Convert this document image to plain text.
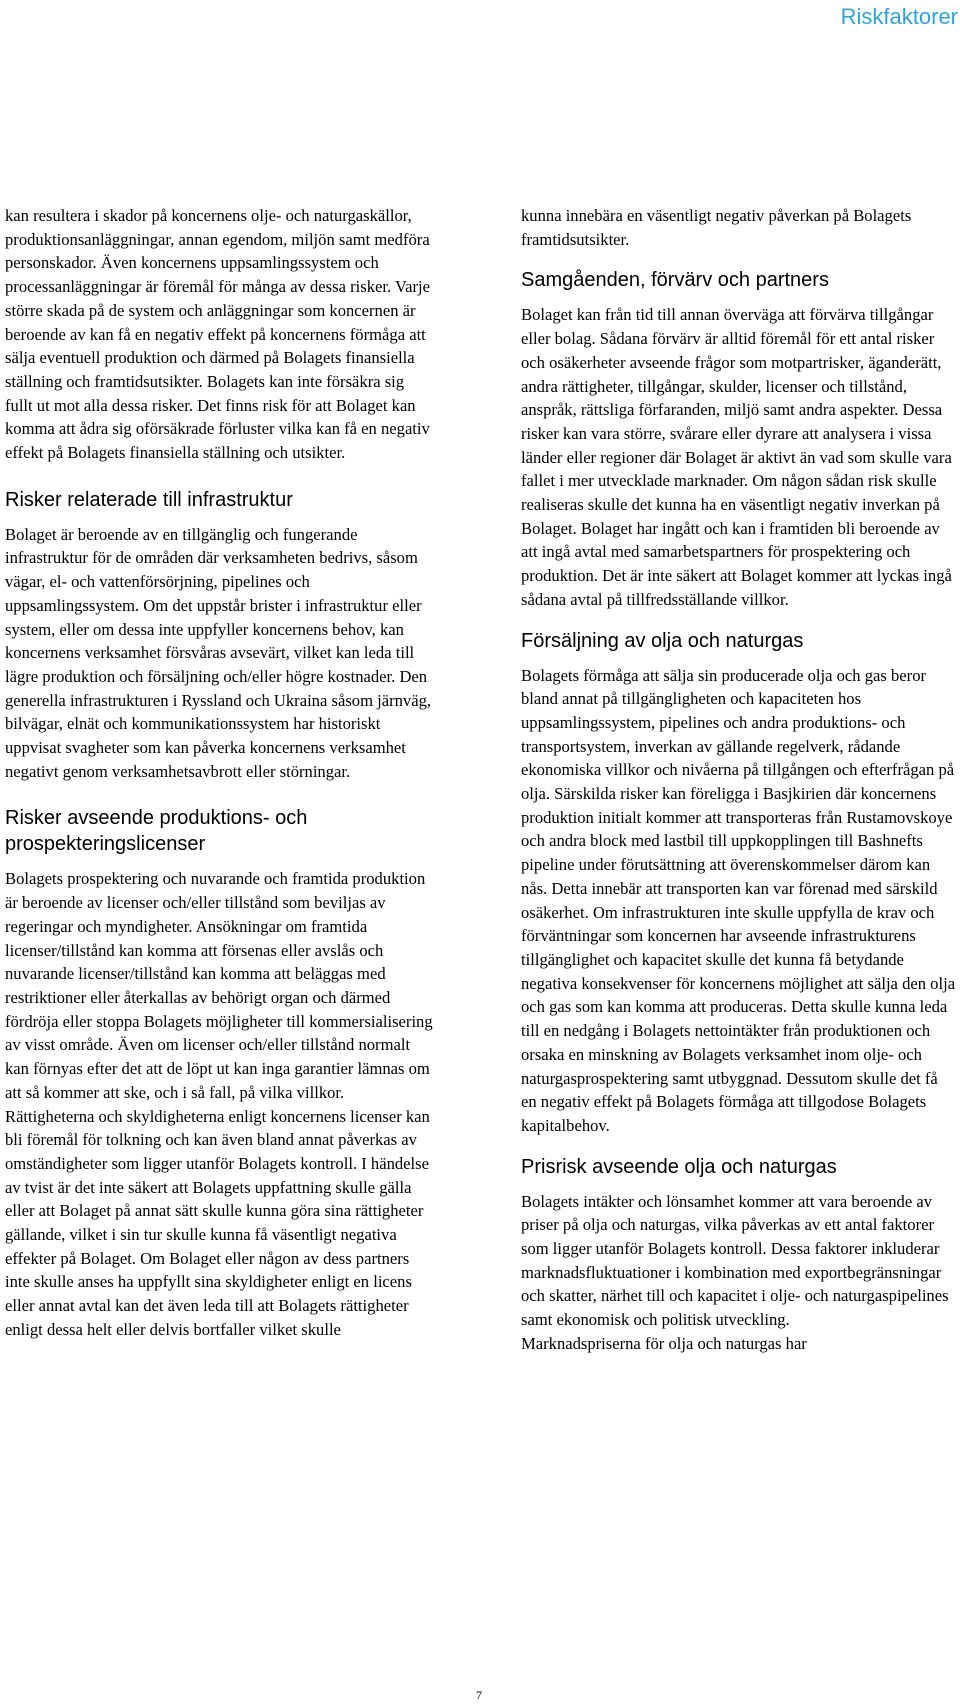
Riskfaktorer

kan resultera i skador på koncernens olje- och naturgaskällor, produktionsanläggningar, annan egendom, miljön samt medföra personskador. Även koncernens uppsamlingssystem och processanläggningar är föremål för många av dessa risker. Varje större skada på de system och anläggningar som koncernen är beroende av kan få en negativ effekt på koncernens förmåga att sälja eventuell produktion och därmed på Bolagets finansiella ställning och framtidsutsikter. Bolagets kan inte försäkra sig fullt ut mot alla dessa risker. Det finns risk för att Bolaget kan komma att ådra sig oförsäkrade förluster vilka kan få en negativ effekt på Bolagets finansiella ställning och utsikter.

Risker relaterade till infrastruktur

Bolaget är beroende av en tillgänglig och fungerande infrastruktur för de områden där verksamheten bedrivs, såsom vägar, el- och vattenförsörjning, pipelines och uppsamlingssystem. Om det uppstår brister i infrastruktur eller system, eller om dessa inte uppfyller koncernens behov, kan koncernens verksamhet försvåras avsevärt, vilket kan leda till lägre produktion och försäljning och/eller högre kostnader. Den generella infrastrukturen i Ryssland och Ukraina såsom järnväg, bilvägar, elnät och kommunikationssystem har historiskt uppvisat svagheter som kan påverka koncernens verksamhet negativt genom verksamhetsavbrott eller störningar.

Risker avseende produktions- och prospekteringslicenser

Bolagets prospektering och nuvarande och framtida produktion är beroende av licenser och/eller tillstånd som beviljas av regeringar och myndigheter. Ansökningar om framtida licenser/tillstånd kan komma att försenas eller avslås och nuvarande licenser/tillstånd kan komma att beläggas med restriktioner eller återkallas av behörigt organ och därmed fördröja eller stoppa Bolagets möjligheter till kommersialisering av visst område. Även om licenser och/eller tillstånd normalt kan förnyas efter det att de löpt ut kan inga garantier lämnas om att så kommer att ske, och i så fall, på vilka villkor. Rättigheterna och skyldigheterna enligt koncernens licenser kan bli föremål för tolkning och kan även bland annat påverkas av omständigheter som ligger utanför Bolagets kontroll. I händelse av tvist är det inte säkert att Bolagets uppfattning skulle gälla eller att Bolaget på annat sätt skulle kunna göra sina rättigheter gällande, vilket i sin tur skulle kunna få väsentligt negativa effekter på Bolaget. Om Bolaget eller någon av dess partners inte skulle anses ha uppfyllt sina skyldigheter enligt en licens eller annat avtal kan det även leda till att Bolagets rättigheter enligt dessa helt eller delvis bortfaller vilket skulle

kunna innebära en väsentligt negativ påverkan på Bolagets framtidsutsikter.

Samgåenden, förvärv och partners

Bolaget kan från tid till annan överväga att förvärva tillgångar eller bolag. Sådana förvärv är alltid föremål för ett antal risker och osäkerheter avseende frågor som motpartrisker, äganderätt, andra rättigheter, tillgångar, skulder, licenser och tillstånd, anspråk, rättsliga förfaranden, miljö samt andra aspekter. Dessa risker kan vara större, svårare eller dyrare att analysera i vissa länder eller regioner där Bolaget är aktivt än vad som skulle vara fallet i mer utvecklade marknader. Om någon sådan risk skulle realiseras skulle det kunna ha en väsentligt negativ inverkan på Bolaget. Bolaget har ingått och kan i framtiden bli beroende av att ingå avtal med samarbetspartners för prospektering och produktion. Det är inte säkert att Bolaget kommer att lyckas ingå sådana avtal på tillfredsställande villkor.

Försäljning av olja och naturgas

Bolagets förmåga att sälja sin producerade olja och gas beror bland annat på tillgängligheten och kapaciteten hos uppsamlingssystem, pipelines och andra produktions- och transportsystem, inverkan av gällande regelverk, rådande ekonomiska villkor och nivåerna på tillgången och efterfrågan på olja. Särskilda risker kan föreligga i Basjkirien där koncernens produktion initialt kommer att transporteras från Rustamovskoye och andra block med lastbil till uppkopplingen till Bashnefts pipeline under förutsättning att överenskommelser därom kan nås. Detta innebär att transporten kan var förenad med särskild osäkerhet. Om infrastrukturen inte skulle uppfylla de krav och förväntningar som koncernen har avseende infrastrukturens tillgänglighet och kapacitet skulle det kunna få betydande negativa konsekvenser för koncernens möjlighet att sälja den olja och gas som kan komma att produceras. Detta skulle kunna leda till en nedgång i Bolagets nettointäkter från produktionen och orsaka en minskning av Bolagets verksamhet inom olje- och naturgasprospektering samt utbyggnad. Dessutom skulle det få en negativ effekt på Bolagets förmåga att tillgodose Bolagets kapitalbehov.

Prisrisk avseende olja och naturgas

Bolagets intäkter och lönsamhet kommer att vara beroende av priser på olja och naturgas, vilka påverkas av ett antal faktorer som ligger utanför Bolagets kontroll. Dessa faktorer inkluderar marknadsfluktuationer i kombination med exportbegränsningar och skatter, närhet till och kapacitet i olje- och naturgaspipelines samt ekonomisk och politisk utveckling.

Marknadspriserna för olja och naturgas har

7
